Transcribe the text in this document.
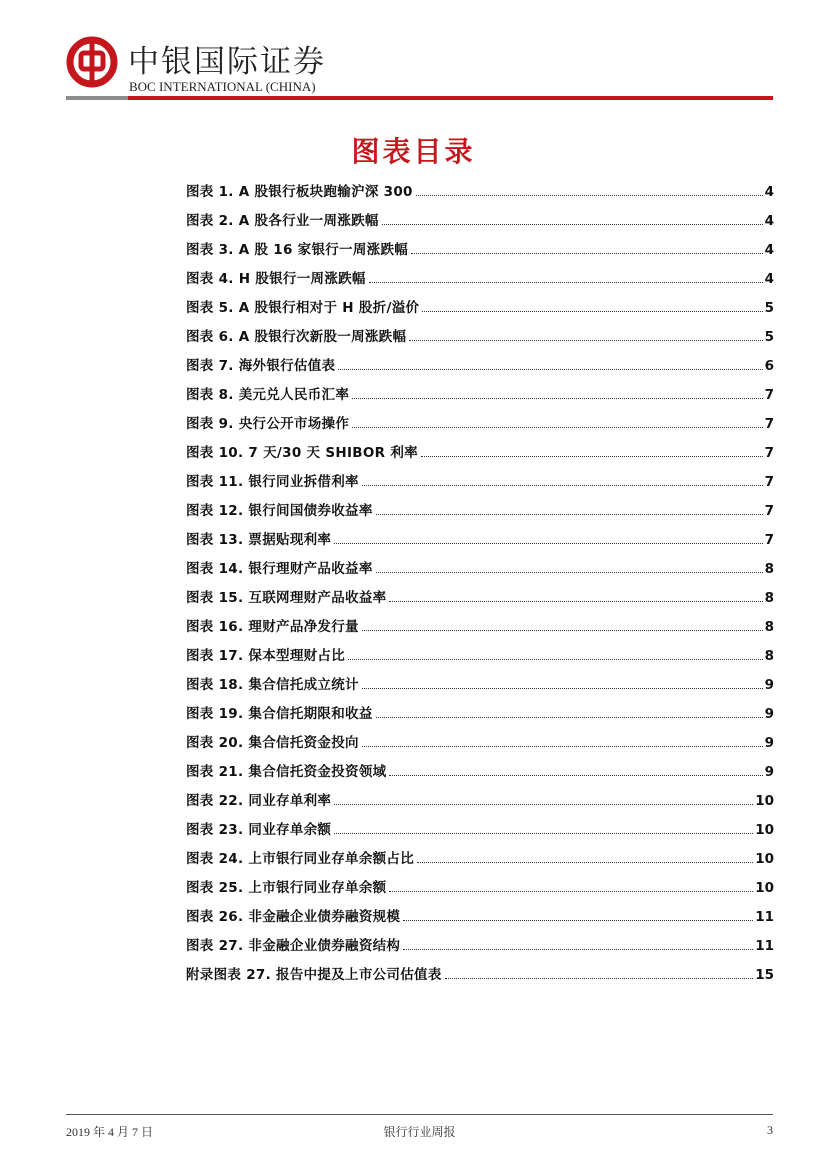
中银国际证券
BOC INTERNATIONAL (CHINA)
图表目录
图表 1. A 股银行板块跑输沪深 300	4
图表 2. A 股各行业一周涨跌幅	4
图表 3. A 股 16 家银行一周涨跌幅	4
图表 4. H 股银行一周涨跌幅	4
图表 5. A 股银行相对于 H 股折/溢价	5
图表 6. A 股银行次新股一周涨跌幅	5
图表 7. 海外银行估值表	6
图表 8. 美元兑人民币汇率	7
图表 9. 央行公开市场操作	7
图表 10. 7 天/30 天 SHIBOR 利率	7
图表 11. 银行同业拆借利率	7
图表 12. 银行间国债券收益率	7
图表 13. 票据贴现利率	7
图表 14. 银行理财产品收益率	8
图表 15. 互联网理财产品收益率	8
图表 16. 理财产品净发行量	8
图表 17. 保本型理财占比	8
图表 18. 集合信托成立统计	9
图表 19. 集合信托期限和收益	9
图表 20. 集合信托资金投向	9
图表 21. 集合信托资金投资领域	9
图表 22. 同业存单利率	10
图表 23. 同业存单余额	10
图表 24. 上市银行同业存单余额占比	10
图表 25. 上市银行同业存单余额	10
图表 26. 非金融企业债券融资规模	11
图表 27. 非金融企业债券融资结构	11
附录图表 27. 报告中提及上市公司估值表	15
2019 年 4 月 7 日	银行行业周报	3
